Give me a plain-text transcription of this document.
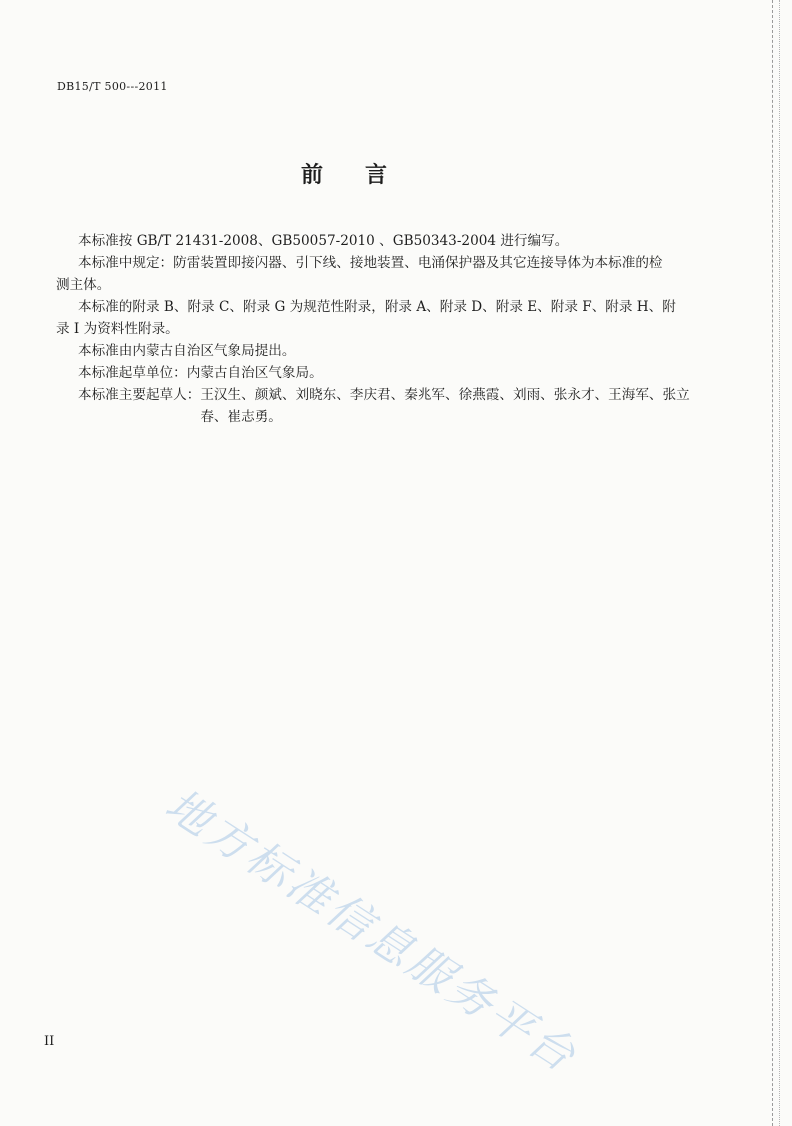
DB15/T 500---2011
前言

本标准按 GB/T 21431-2008、GB50057-2010 、GB50343-2004 进行编写。

本标准中规定：防雷装置即接闪器、引下线、接地装置、电涌保护器及其它连接导体为本标准的检
测主体。

本标准的附录 B、附录 C、附录 G 为规范性附录，附录 A、附录 D、附录 E、附录 F、附录 H、附
录 I 为资料性附录。

本标准由内蒙古自治区气象局提出。

本标准起草单位：内蒙古自治区气象局。

本标准主要起草人： 王汉生、颜斌、刘晓东、李庆君、秦兆军、徐燕霞、刘雨、张永才、王海军、张立
春、崔志勇。
地方标准信息服务平台
II
